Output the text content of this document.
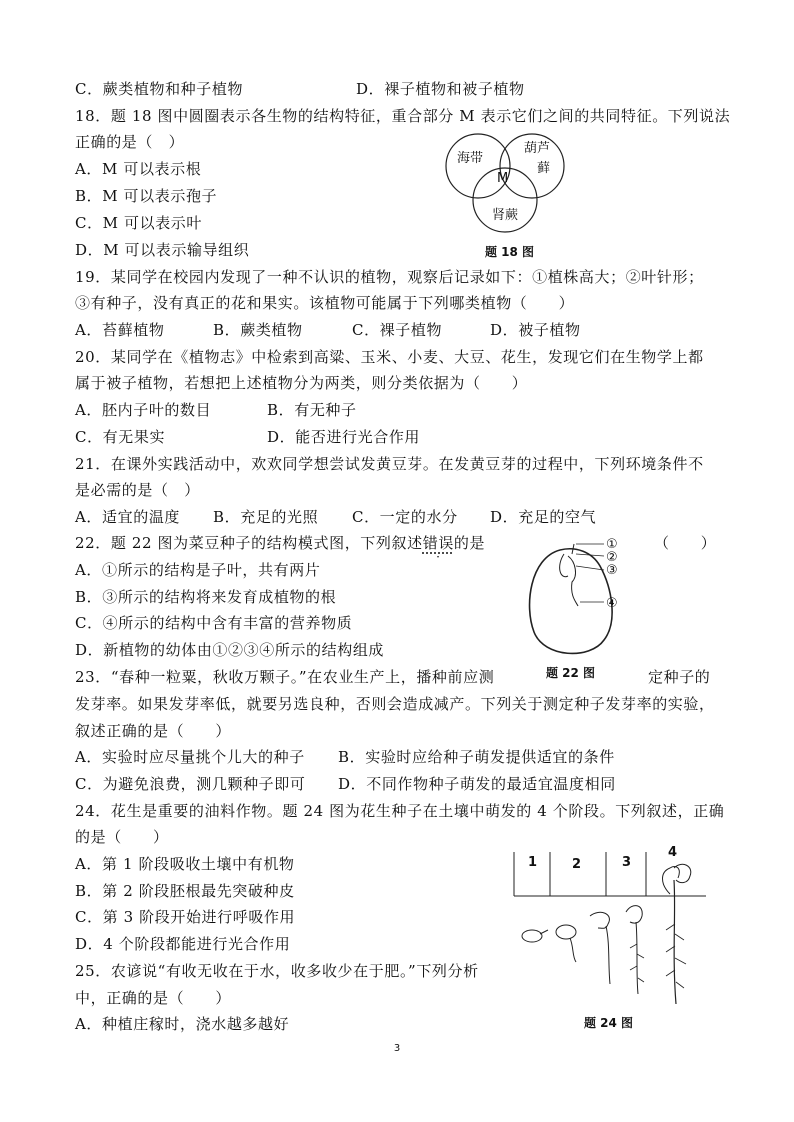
C．蕨类植物和种子植物	D．裸子植物和被子植物
18．题 18 图中圆圈表示各生物的结构特征，重合部分 M 表示它们之间的共同特征。下列说法
正确的是（　）
A．M 可以表示根
B．M 可以表示孢子
C．M 可以表示叶
D．M 可以表示输导组织
海带
葫芦
藓
M
肾蕨
题 18 图
19．某同学在校园内发现了一种不认识的植物，观察后记录如下：①植株高大；②叶针形；
③有种子，没有真正的花和果实。该植物可能属于下列哪类植物（　　）
A．苔藓植物	B．蕨类植物	C．裸子植物	D．被子植物
20．某同学在《植物志》中检索到高粱、玉米、小麦、大豆、花生，发现它们在生物学上都
属于被子植物，若想把上述植物分为两类，则分类依据为（　　）
A．胚内子叶的数目	B．有无种子
C．有无果实	D．能否进行光合作用
21．在课外实践活动中，欢欢同学想尝试发黄豆芽。在发黄豆芽的过程中，下列环境条件不
是必需的是（　）
A．适宜的温度 B．充足的光照 C．一定的水分 D．充足的空气
22．题 22 图为菜豆种子的结构模式图，下列叙述错误的是	（　　）
A．①所示的结构是子叶，共有两片
B．③所示的结构将来发育成植物的根
C．④所示的结构中含有丰富的营养物质
D．新植物的幼体由①②③④所示的结构组成
①
②
③
④
题 22 图
23．“春种一粒粟，秋收万颗子。”在农业生产上，播种前应测	定种子的
发芽率。如果发芽率低，就要另选良种，否则会造成减产。下列关于测定种子发芽率的实验，
叙述正确的是（　　）
A．实验时应尽量挑个儿大的种子 B．实验时应给种子萌发提供适宜的条件
C．为避免浪费，测几颗种子即可 D．不同作物种子萌发的最适宜温度相同
24．花生是重要的油料作物。题 24 图为花生种子在土壤中萌发的 4 个阶段。下列叙述，正确
的是（　　）
A．第 1 阶段吸收土壤中有机物
B．第 2 阶段胚根最先突破种皮
C．第 3 阶段开始进行呼吸作用
D．4 个阶段都能进行光合作用
1	2	3
4
题 24 图
25．农谚说“有收无收在于水，收多收少在于肥。”下列分析
中，正确的是（　　）
A．种植庄稼时，浇水越多越好
3
